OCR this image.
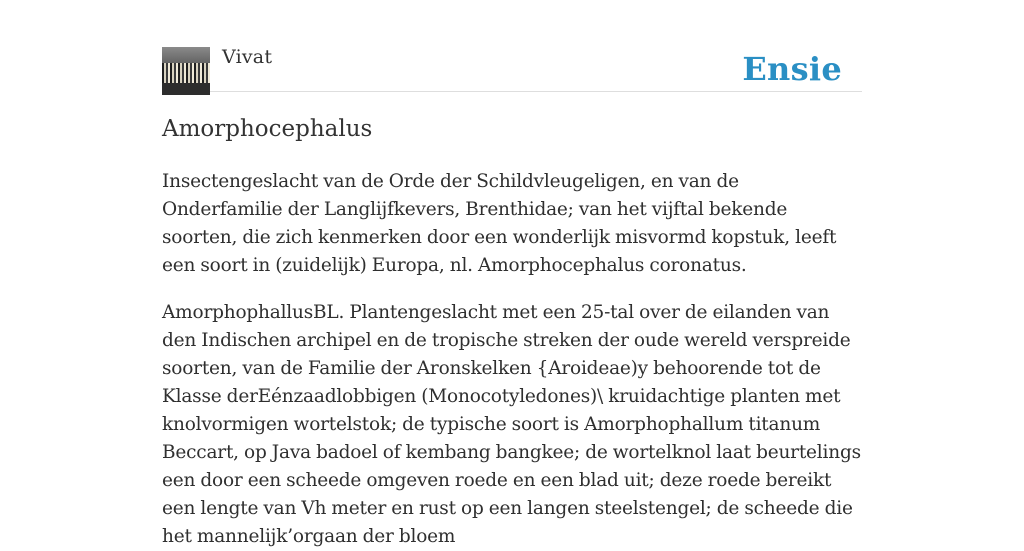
Vivat	Ensie
Amorphocephalus

Insectengeslacht van de Orde der Schildvleugeligen, en van de Onderfamilie der Langlijfkevers, Brenthidae; van het vijftal bekende soorten, die zich kenmerken door een wonderlijk misvormd kopstuk, leeft een soort in (zuidelijk) Europa, nl. Amorphocephalus coronatus.

AmorphophallusBL. Plantengeslacht met een 25-tal over de eilanden van den Indischen archipel en de tropische streken der oude wereld verspreide soorten, van de Familie der Aronskelken {Aroideae)y behoorende tot de Klasse derEénzaadlobbigen (Monocotyledones)\ kruidachtige planten met knolvormigen wortelstok; de typische soort is Amorphophallum titanum Beccart, op Java badoel of kembang bangkee; de wortelknol laat beurtelings een door een scheede omgeven roede en een blad uit; deze roede bereikt een lengte van Vh meter en rust op een langen steelstengel; de scheede die het mannelijk’orgaan der bloem
